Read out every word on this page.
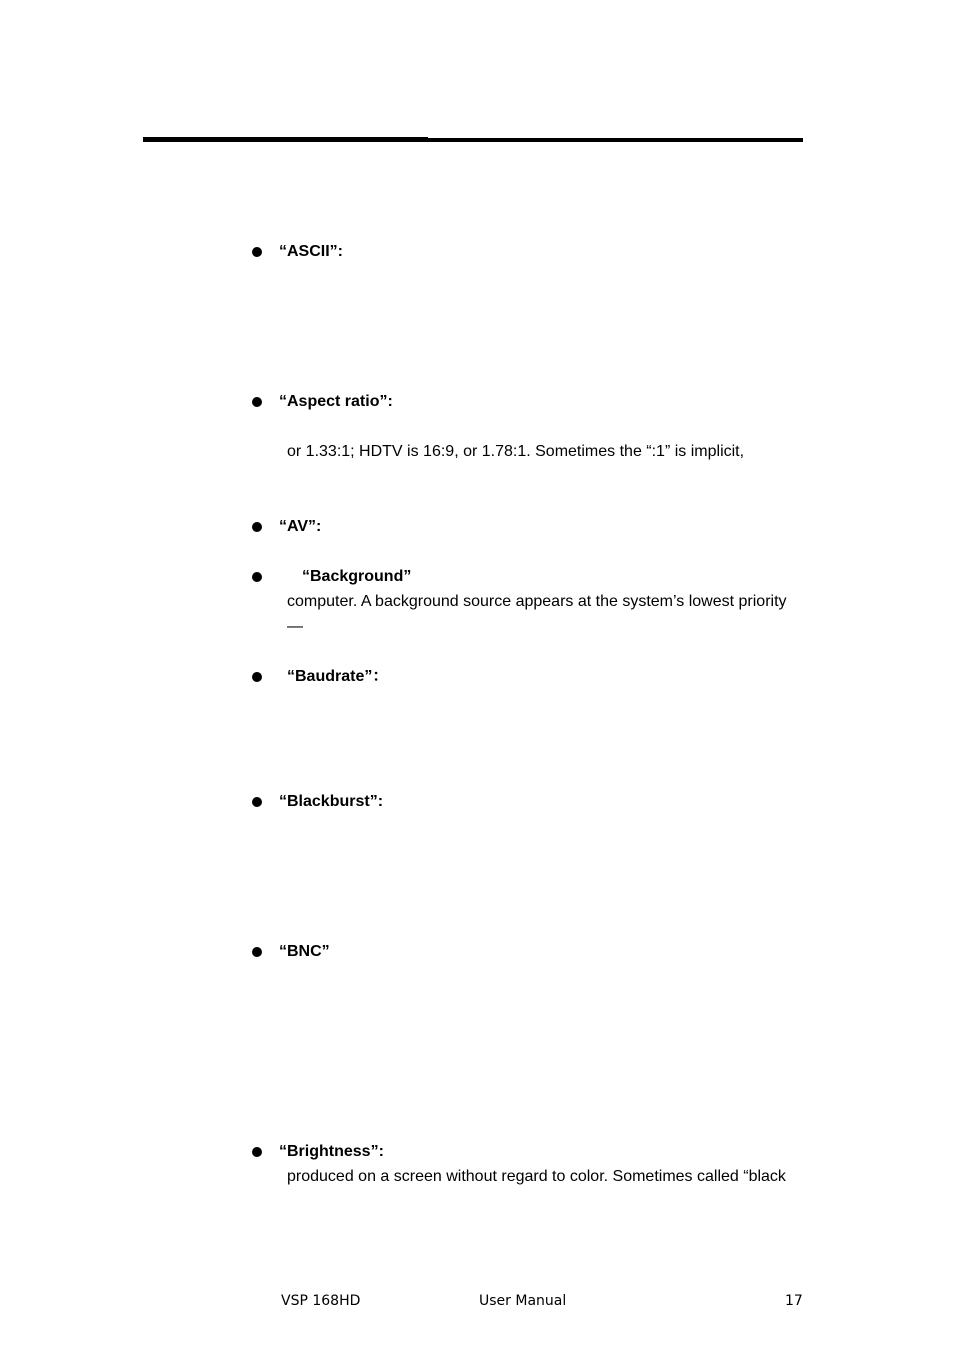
“ASCII”:
“Aspect ratio”:
or 1.33:1; HDTV is 16:9, or 1.78:1. Sometimes the “:1” is implicit,
“AV”:
“Background”
computer. A background source appears at the system’s lowest priority
—
“Baudrate”：
“Blackburst”:
“BNC”
“Brightness”:
produced on a screen without regard to color. Sometimes called “black
VSP 168HD	User Manual	17
